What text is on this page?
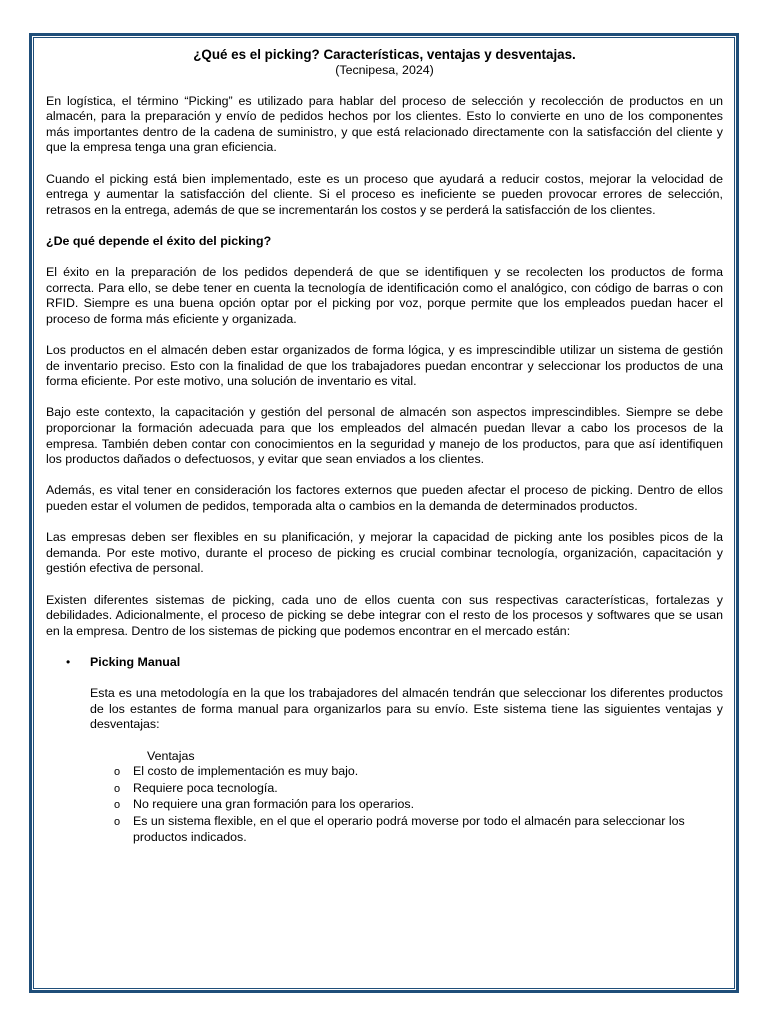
¿Qué es el picking? Características, ventajas y desventajas.
(Tecnipesa, 2024)

En logística, el término “Picking” es utilizado para hablar del proceso de selección y recolección de productos en un almacén, para la preparación y envío de pedidos hechos por los clientes. Esto lo convierte en uno de los componentes más importantes dentro de la cadena de suministro, y que está relacionado directamente con la satisfacción del cliente y que la empresa tenga una gran eficiencia.

Cuando el picking está bien implementado, este es un proceso que ayudará a reducir costos, mejorar la velocidad de entrega y aumentar la satisfacción del cliente. Si el proceso es ineficiente se pueden provocar errores de selección, retrasos en la entrega, además de que se incrementarán los costos y se perderá la satisfacción de los clientes.

¿De qué depende el éxito del picking?

El éxito en la preparación de los pedidos dependerá de que se identifiquen y se recolecten los productos de forma correcta. Para ello, se debe tener en cuenta la tecnología de identificación como el analógico, con código de barras o con RFID. Siempre es una buena opción optar por el picking por voz, porque permite que los empleados puedan hacer el proceso de forma más eficiente y organizada.

Los productos en el almacén deben estar organizados de forma lógica, y es imprescindible utilizar un sistema de gestión de inventario preciso. Esto con la finalidad de que los trabajadores puedan encontrar y seleccionar los productos de una forma eficiente. Por este motivo, una solución de inventario es vital.

Bajo este contexto, la capacitación y gestión del personal de almacén son aspectos imprescindibles. Siempre se debe proporcionar la formación adecuada para que los empleados del almacén puedan llevar a cabo los procesos de la empresa. También deben contar con conocimientos en la seguridad y manejo de los productos, para que así identifiquen los productos dañados o defectuosos, y evitar que sean enviados a los clientes.

Además, es vital tener en consideración los factores externos que pueden afectar el proceso de picking. Dentro de ellos pueden estar el volumen de pedidos, temporada alta o cambios en la demanda de determinados productos.

Las empresas deben ser flexibles en su planificación, y mejorar la capacidad de picking ante los posibles picos de la demanda. Por este motivo, durante el proceso de picking es crucial combinar tecnología, organización, capacitación y gestión efectiva de personal.

Existen diferentes sistemas de picking, cada uno de ellos cuenta con sus respectivas características, fortalezas y debilidades. Adicionalmente, el proceso de picking se debe integrar con el resto de los procesos y softwares que se usan en la empresa. Dentro de los sistemas de picking que podemos encontrar en el mercado están:

•	Picking Manual

Esta es una metodología en la que los trabajadores del almacén tendrán que seleccionar los diferentes productos de los estantes de forma manual para organizarlos para su envío. Este sistema tiene las siguientes ventajas y desventajas:

Ventajas
o	El costo de implementación es muy bajo.
o	Requiere poca tecnología.
o	No requiere una gran formación para los operarios.
o	Es un sistema flexible, en el que el operario podrá moverse por todo el almacén para seleccionar los productos indicados.
